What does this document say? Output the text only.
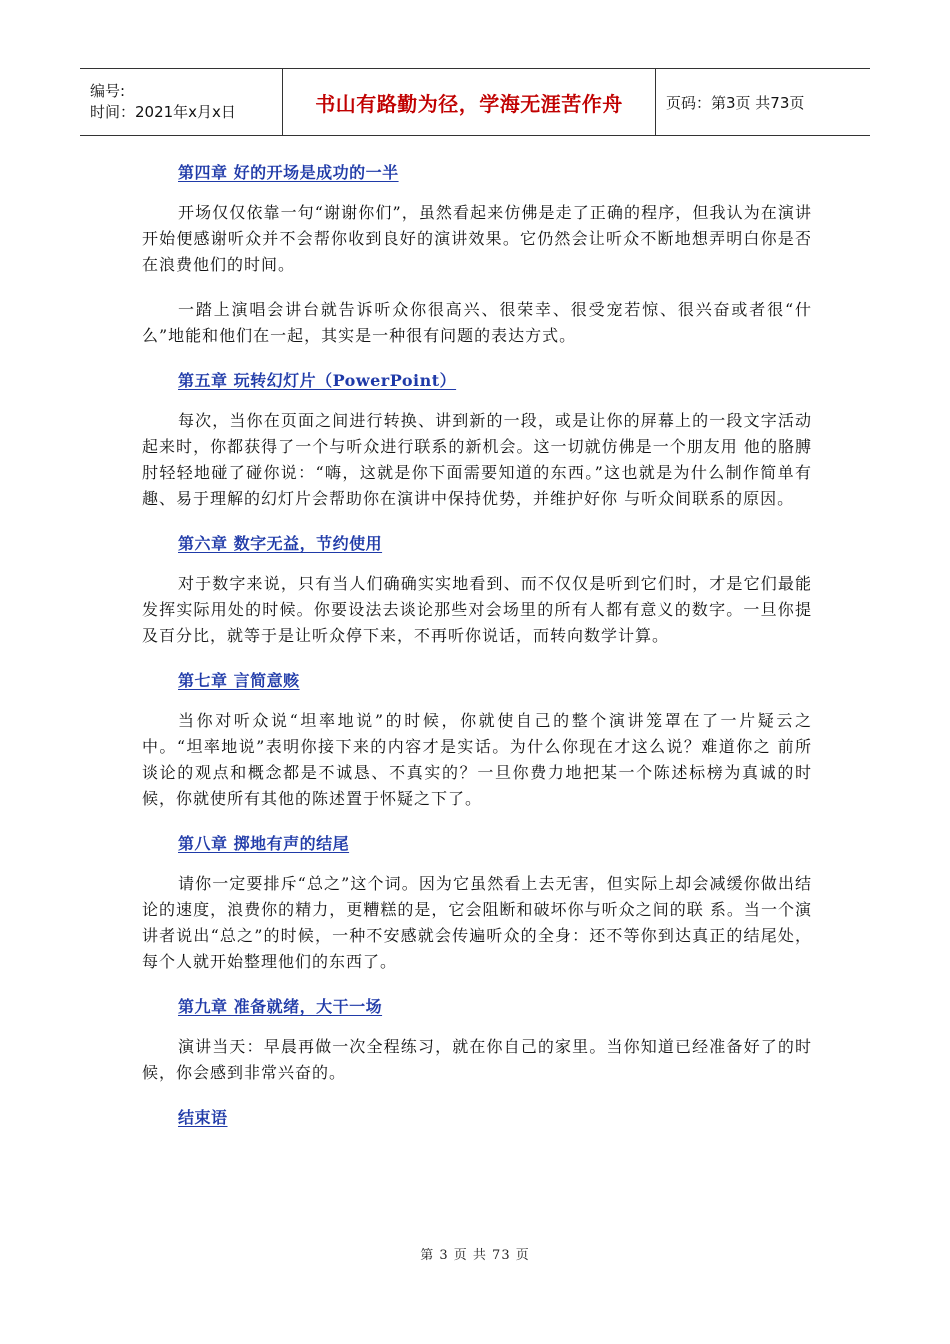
编号:
时间：2021年x月x日	书山有路勤为径，学海无涯苦作舟	页码：第3页 共73页
第四章 好的开场是成功的一半

开场仅仅依靠一句“谢谢你们”，虽然看起来仿佛是走了正确的程序，但我认为在演讲开始便感谢听众并不会帮你收到良好的演讲效果。它仍然会让听众不断地想弄明白你是否在浪费他们的时间。

一踏上演唱会讲台就告诉听众你很高兴、很荣幸、很受宠若惊、很兴奋或者很“什么”地能和他们在一起，其实是一种很有问题的表达方式。

第五章 玩转幻灯片（PowerPoint）

每次，当你在页面之间进行转换、讲到新的一段，或是让你的屏幕上的一段文字活动起来时，你都获得了一个与听众进行联系的新机会。这一切就仿佛是一个朋友用 他的胳膊肘轻轻地碰了碰你说：“嗨，这就是你下面需要知道的东西。”这也就是为什么制作简单有趣、易于理解的幻灯片会帮助你在演讲中保持优势，并维护好你 与听众间联系的原因。

第六章 数字无益，节约使用

对于数字来说，只有当人们确确实实地看到、而不仅仅是听到它们时，才是它们最能发挥实际用处的时候。你要设法去谈论那些对会场里的所有人都有意义的数字。一旦你提及百分比，就等于是让听众停下来，不再听你说话，而转向数学计算。

第七章 言简意赅

当你对听众说“坦率地说”的时候，你就使自己的整个演讲笼罩在了一片疑云之中。“坦率地说”表明你接下来的内容才是实话。为什么你现在才这么说？难道你之 前所谈论的观点和概念都是不诚恳、不真实的？一旦你费力地把某一个陈述标榜为真诚的时候，你就使所有其他的陈述置于怀疑之下了。

第八章 掷地有声的结尾

请你一定要排斥“总之”这个词。因为它虽然看上去无害，但实际上却会减缓你做出结论的速度，浪费你的精力，更糟糕的是，它会阻断和破坏你与听众之间的联 系。当一个演讲者说出“总之”的时候，一种不安感就会传遍听众的全身：还不等你到达真正的结尾处，每个人就开始整理他们的东西了。

第九章 准备就绪，大干一场

演讲当天：早晨再做一次全程练习，就在你自己的家里。当你知道已经准备好了的时候，你会感到非常兴奋的。

结束语
第 3 页 共 73 页
